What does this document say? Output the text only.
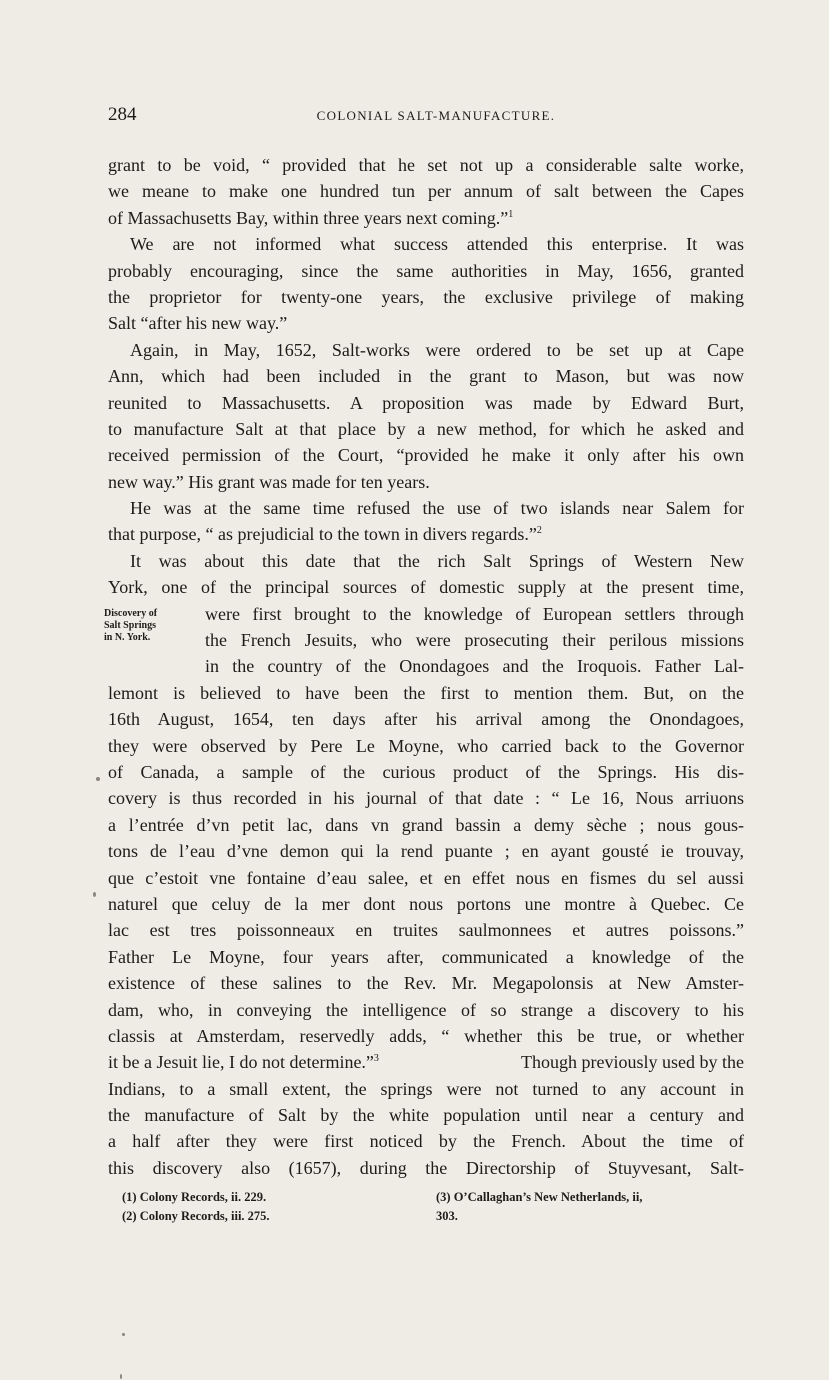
284	COLONIAL SALT-MANUFACTURE.
Discovery of
Salt Springs
in N. York.
grant to be void, “ provided that he set not up a considerable salte worke,
we meane to make one hundred tun per annum of salt between the Capes
of Massachusetts Bay, within three years next coming.”$^1$
We are not informed what success attended this enterprise. It was
probably encouraging, since the same authorities in May, 1656, granted
the proprietor for twenty-one years, the exclusive privilege of making
Salt “after his new way.”
Again, in May, 1652, Salt-works were ordered to be set up at Cape
Ann, which had been included in the grant to Mason, but was now
reunited to Massachusetts. A proposition was made by Edward Burt,
to manufacture Salt at that place by a new method, for which he asked and
received permission of the Court, “provided he make it only after his own
new way.” His grant was made for ten years.
He was at the same time refused the use of two islands near Salem for
that purpose, “ as prejudicial to the town in divers regards.”$^2$
It was about this date that the rich Salt Springs of Western New
York, one of the principal sources of domestic supply at the present time,
were first brought to the knowledge of European settlers through
the French Jesuits, who were prosecuting their perilous missions
in the country of the Onondagoes and the Iroquois. Father Lal-
lemont is believed to have been the first to mention them. But, on the
16th August, 1654, ten days after his arrival among the Onondagoes,
they were observed by Pere Le Moyne, who carried back to the Governor
of Canada, a sample of the curious product of the Springs. His dis-
covery is thus recorded in his journal of that date : “ Le 16, Nous arriuons
a l’entrée d’vn petit lac, dans vn grand bassin a demy sèche ; nous gous-
tons de l’eau d’vne demon qui la rend puante ; en ayant gousté ie trouvay,
que c’estoit vne fontaine d’eau salee, et en effet nous en fismes du sel aussi
naturel que celuy de la mer dont nous portons une montre à Quebec. Ce
lac est tres poissonneaux en truites saulmonnees et autres poissons.”
Father Le Moyne, four years after, communicated a knowledge of the
existence of these salines to the Rev. Mr. Megapolonsis at New Amster-
dam, who, in conveying the intelligence of so strange a discovery to his
classis at Amsterdam, reservedly adds, “ whether this be true, or whether
it be a Jesuit lie, I do not determine.”$^3$	Though previously used by the
Indians, to a small extent, the springs were not turned to any account in
the manufacture of Salt by the white population until near a century and
a half after they were first noticed by the French. About the time of
this discovery also (1657), during the Directorship of Stuyvesant, Salt-
(1) Colony Records, ii. 229.
(2) Colony Records, iii. 275.
(3) O’Callaghan’s New Netherlands, ii,
303.
